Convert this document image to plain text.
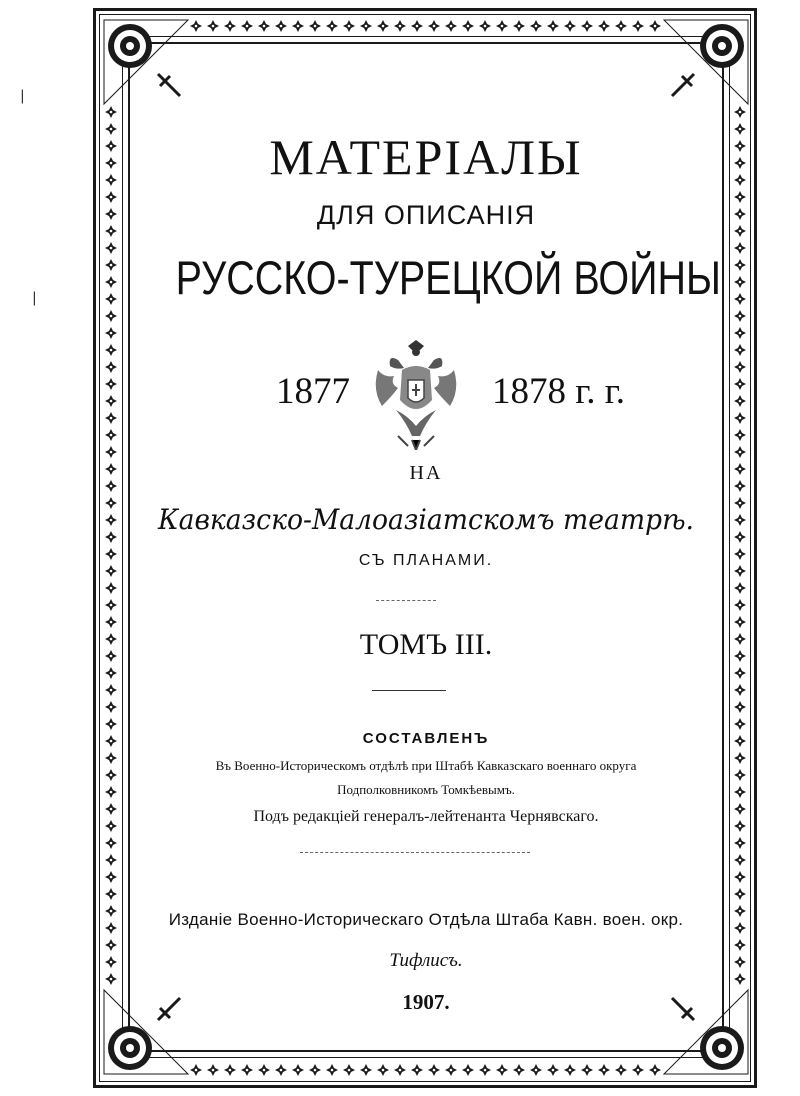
|
|
МАТЕРІАЛЫ
ДЛЯ ОПИСАНІЯ
РУССКО-ТУРЕЦКОЙ ВОЙНЫ
1877	1878 г. г.
НА
Кавказско-Малоазіатскомъ театрѣ.
СЪ ПЛАНАМИ.
ТОМЪ III.
СОСТАВЛЕНЪ
Въ Военно-Историческомъ отдѣлѣ при Штабѣ Кавказскаго военнаго округа
Подполковникомъ Томкѣевымъ.
Подъ редакціей генералъ-лейтенанта Чернявскаго.
Изданіе Военно-Историческаго Отдѣла Штаба Кавн. воен. окр.
Тифлисъ.
1907.
